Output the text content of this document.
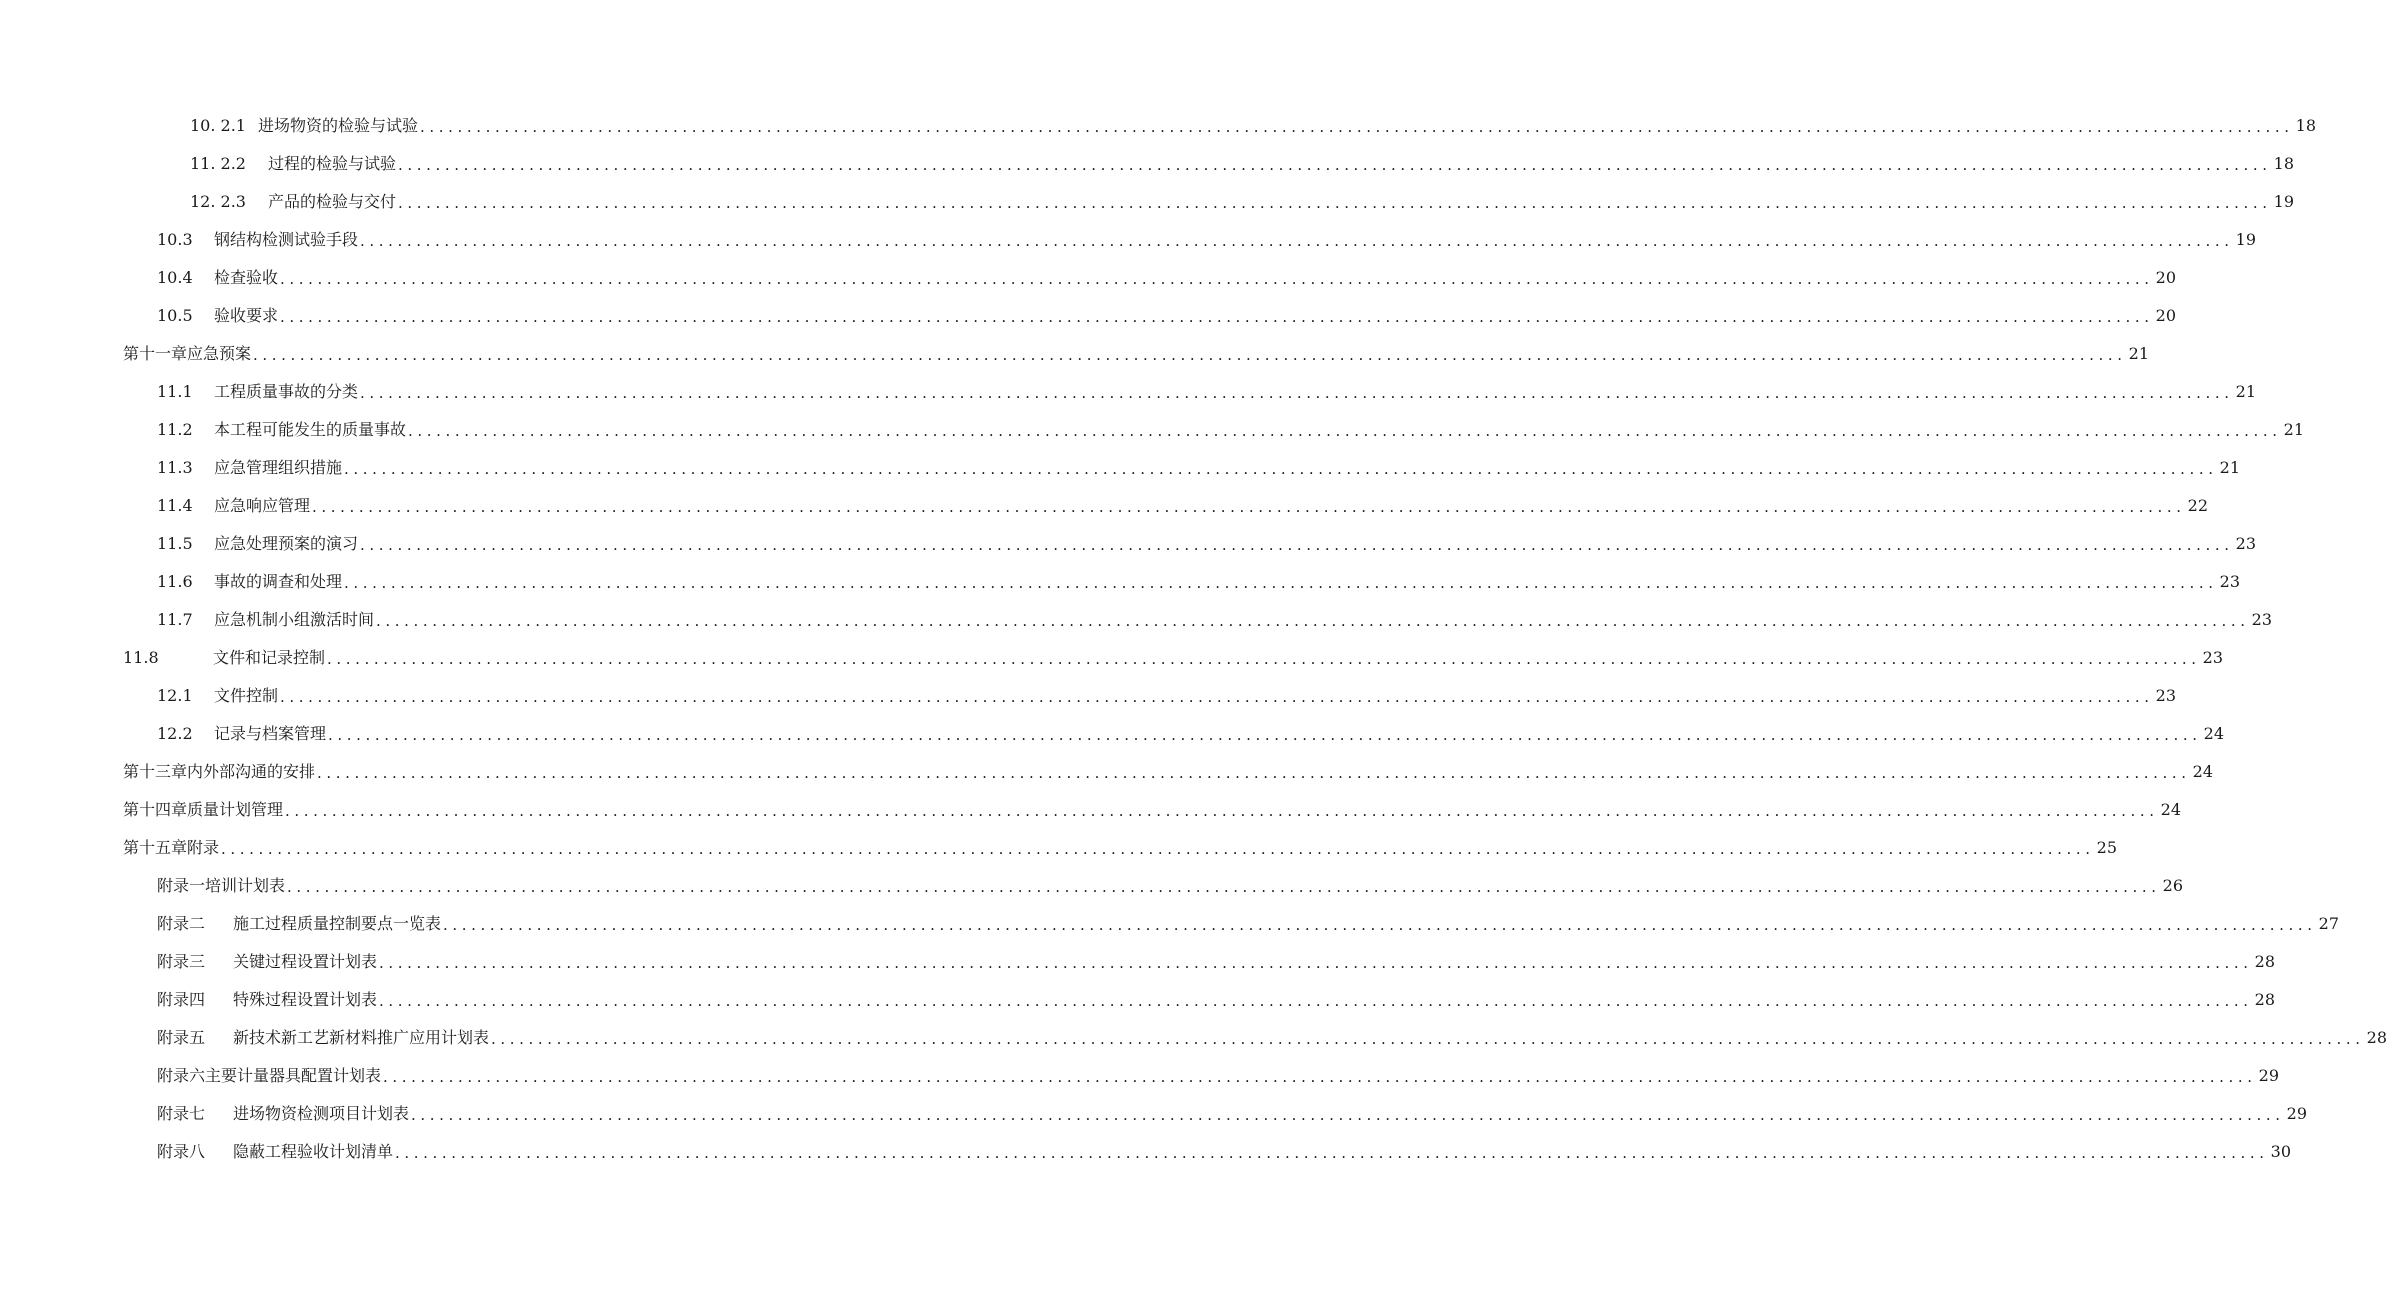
10. 2.1 进场物资的检验与试验 ........................................................................................................................................................................................................ 18
11. 2.2	过程的检验与试验 ........................................................................................................................................................................................................ 18
12. 2.3	产品的检验与交付 ........................................................................................................................................................................................................ 19
10.3	钢结构检测试验手段 ........................................................................................................................................................................................................ 19
10.4	检查验收 ........................................................................................................................................................................................................ 20
10.5	验收要求 ........................................................................................................................................................................................................ 20
第十一章应急预案 ........................................................................................................................................................................................................ 21
11.1	工程质量事故的分类 ........................................................................................................................................................................................................ 21
11.2	本工程可能发生的质量事故 ........................................................................................................................................................................................................ 21
11.3	应急管理组织措施 ........................................................................................................................................................................................................ 21
11.4	应急响应管理 ........................................................................................................................................................................................................ 22
11.5	应急处理预案的演习 ........................................................................................................................................................................................................ 23
11.6	事故的调查和处理 ........................................................................................................................................................................................................ 23
11.7	应急机制小组激活时间 ........................................................................................................................................................................................................ 23
11.8	文件和记录控制 ........................................................................................................................................................................................................ 23
12.1	文件控制 ........................................................................................................................................................................................................ 23
12.2	记录与档案管理 ........................................................................................................................................................................................................ 24
第十三章内外部沟通的安排 ........................................................................................................................................................................................................ 24
第十四章质量计划管理 ........................................................................................................................................................................................................ 24
第十五章附录 ........................................................................................................................................................................................................ 25
附录一培训计划表 ........................................................................................................................................................................................................ 26
附录二	施工过程质量控制要点一览表 ........................................................................................................................................................................................................ 27
附录三	关键过程设置计划表 ........................................................................................................................................................................................................ 28
附录四	特殊过程设置计划表 ........................................................................................................................................................................................................ 28
附录五	新技术新工艺新材料推广应用计划表 ........................................................................................................................................................................................................ 28
附录六主要计量器具配置计划表 ........................................................................................................................................................................................................ 29
附录七	进场物资检测项目计划表 ........................................................................................................................................................................................................ 29
附录八	隐蔽工程验收计划清单 ........................................................................................................................................................................................................ 30
